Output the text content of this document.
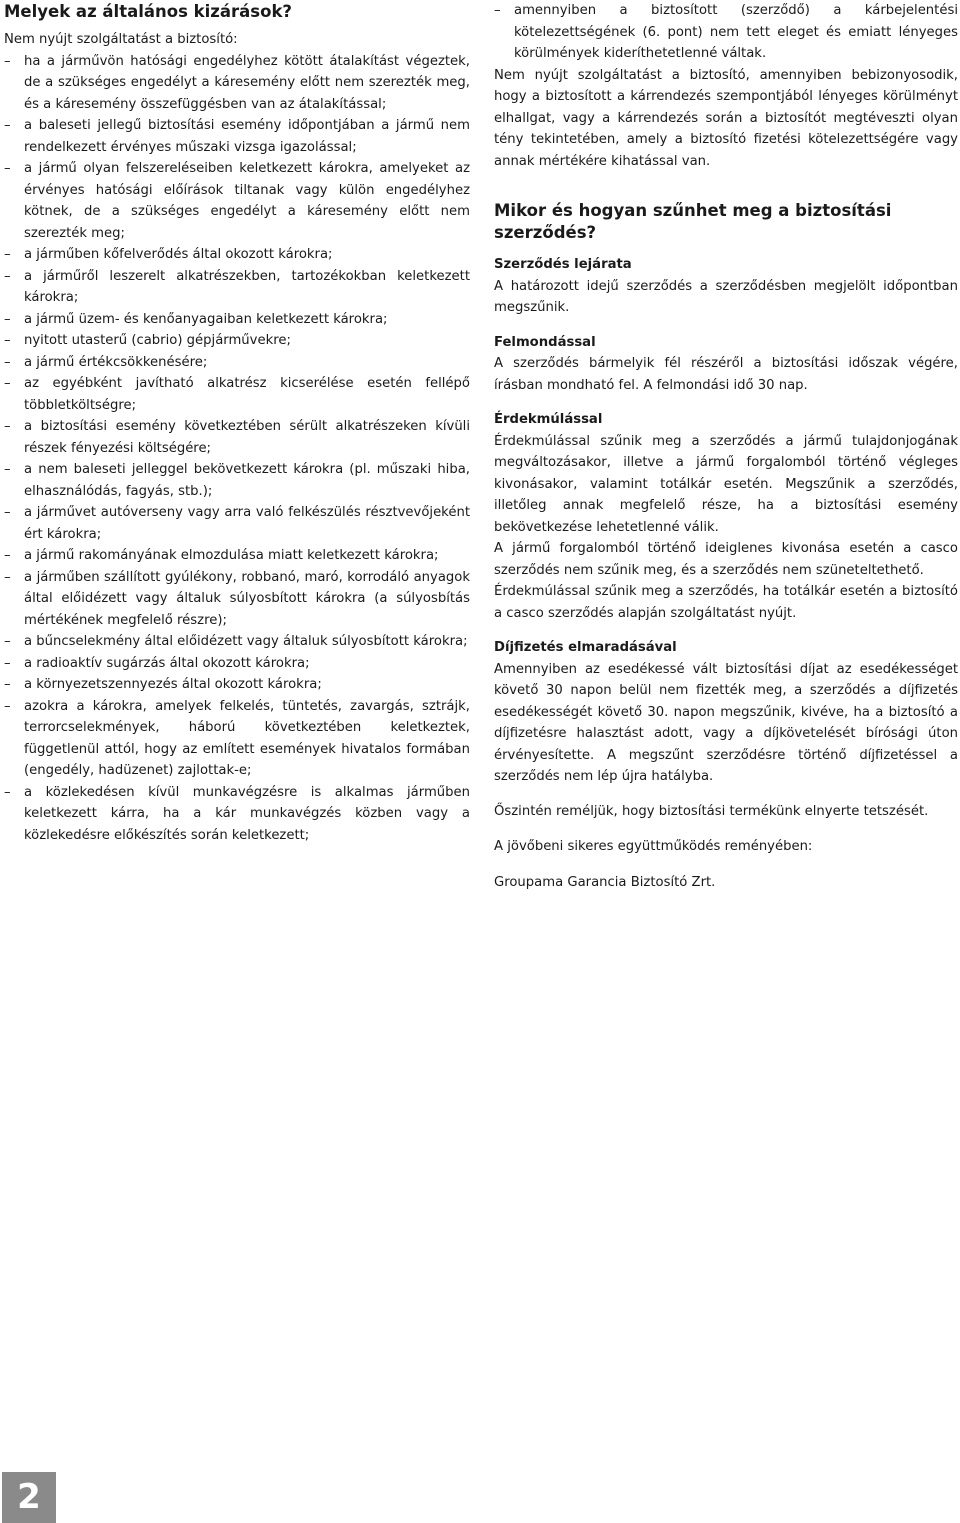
Melyek az általános kizárások?
Nem nyújt szolgáltatást a biztosító:
– ha a járművön hatósági engedélyhez kötött átalakítást végeztek, de a szükséges engedélyt a káresemény előtt nem szerezték meg, és a káresemény összefüggésben van az átalakítással;
– a baleseti jellegű biztosítási esemény időpontjában a jármű nem rendelkezett érvényes műszaki vizsga igazolással;
– a jármű olyan felszereléseiben keletkezett károkra, amelyeket az érvényes hatósági előírások tiltanak vagy külön engedélyhez kötnek, de a szükséges engedélyt a káresemény előtt nem szerezték meg;
– a járműben kőfelverődés által okozott károkra;
– a járműről leszerelt alkatrészekben, tartozékokban keletkezett károkra;
– a jármű üzem- és kenőanyagaiban keletkezett károkra;
– nyitott utasterű (cabrio) gépjárművekre;
– a jármű értékcsökkenésére;
– az egyébként javítható alkatrész kicserélése esetén fellépő többletköltségre;
– a biztosítási esemény következtében sérült alkatrészeken kívüli részek fényezési költségére;
– a nem baleseti jelleggel bekövetkezett károkra (pl. műszaki hiba, elhasználódás, fagyás, stb.);
– a járművet autóverseny vagy arra való felkészülés résztvevőjeként ért károkra;
– a jármű rakományának elmozdulása miatt keletkezett károkra;
– a járműben szállított gyúlékony, robbanó, maró, korrodáló anyagok által előidézett vagy általuk súlyosbított károkra (a súlyosbítás mértékének megfelelő részre);
– a bűncselekmény által előidézett vagy általuk súlyosbított károkra;
– a radioaktív sugárzás által okozott károkra;
– a környezetszennyezés által okozott károkra;
– azokra a károkra, amelyek felkelés, tüntetés, zavargás, sztrájk, terrorcselekmények, háború következtében keletkeztek, függetlenül attól, hogy az említett események hivatalos formában (engedély, hadüzenet) zajlottak-e;
– a közlekedésen kívül munkavégzésre is alkalmas járműben keletkezett kárra, ha a kár munkavégzés közben vagy a közlekedésre előkészítés során keletkezett;
– amennyiben a biztosított (szerződő) a kárbejelentési kötelezettségének (6. pont) nem tett eleget és emiatt lényeges körülmények kideríthetetlenné váltak.

Nem nyújt szolgáltatást a biztosító, amennyiben bebizonyosodik, hogy a biztosított a kárrendezés szempontjából lényeges körülményt elhallgat, vagy a kárrendezés során a biztosítót megtéveszti olyan tény tekintetében, amely a biztosító fizetési kötelezettségére vagy annak mértékére kihatással van.

Mikor és hogyan szűnhet meg a biztosítási szerződés?
Szerződés lejárata

A határozott idejű szerződés a szerződésben megjelölt időpontban megszűnik.

Felmondással

A szerződés bármelyik fél részéről a biztosítási időszak végére, írásban mondható fel. A felmondási idő 30 nap.

Érdekmúlással

Érdekmúlással szűnik meg a szerződés a jármű tulajdonjogának megváltozásakor, illetve a jármű forgalomból történő végleges kivonásakor, valamint totálkár esetén. Megszűnik a szerződés, illetőleg annak megfelelő része, ha a biztosítási esemény bekövetkezése lehetetlenné válik.

A jármű forgalomból történő ideiglenes kivonása esetén a casco szerződés nem szűnik meg, és a szerződés nem szüneteltethető.

Érdekmúlással szűnik meg a szerződés, ha totálkár esetén a biztosító a casco szerződés alapján szolgáltatást nyújt.

Díjfizetés elmaradásával

Amennyiben az esedékessé vált biztosítási díjat az esedékességet követő 30 napon belül nem fizették meg, a szerződés a díjfizetés esedékességét követő 30. napon megszűnik, kivéve, ha a biztosító a díjfizetésre halasztást adott, vagy a díjkövetelését bírósági úton érvényesítette. A megszűnt szerződésre történő díjfizetéssel a szerződés nem lép újra hatályba.

Őszintén reméljük, hogy biztosítási termékünk elnyerte tetszését.

A jövőbeni sikeres együttműködés reményében:

Groupama Garancia Biztosító Zrt.

2
